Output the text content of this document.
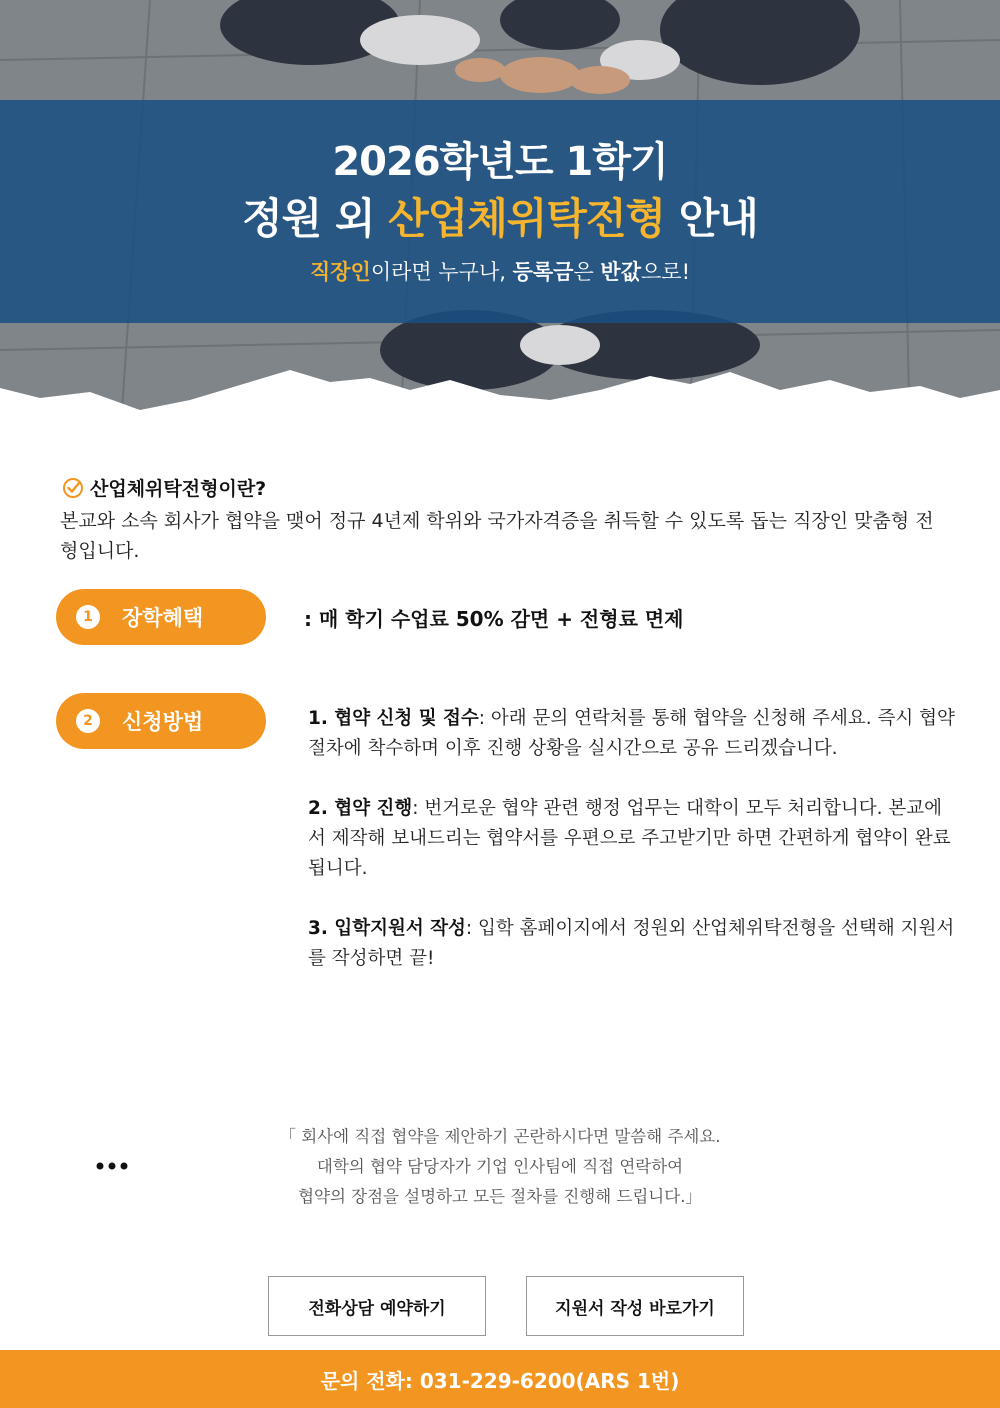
2026학년도 1학기
정원 외 산업체위탁전형 안내
직장인이라면 누구나, 등록금은 반값으로!
산업체위탁전형이란?
본교와 소속 회사가 협약을 맺어 정규 4년제 학위와 국가자격증을 취득할 수 있도록 돕는 직장인 맞춤형 전형입니다.
1	장학혜택	: 매 학기 수업료 50% 감면 + 전형료 면제
2	신청방법	1. 협약 신청 및 접수: 아래 문의 연락처를 통해 협약을 신청해 주세요. 즉시 협약 절차에 착수하며 이후 진행 상황을 실시간으로 공유 드리겠습니다.
2. 협약 진행: 번거로운 협약 관련 행정 업무는 대학이 모두 처리합니다. 본교에서 제작해 보내드리는 협약서를 우편으로 주고받기만 하면 간편하게 협약이 완료됩니다.
3. 입학지원서 작성: 입학 홈페이지에서 정원외 산업체위탁전형을 선택해 지원서를 작성하면 끝!
「 회사에 직접 협약을 제안하기 곤란하시다면 말씀해 주세요.
대학의 협약 담당자가 기업 인사팀에 직접 연락하여
협약의 장점을 설명하고 모든 절차를 진행해 드립니다.」
전화상담 예약하기	지원서 작성 바로가기
문의 전화: 031-229-6200(ARS 1번)
